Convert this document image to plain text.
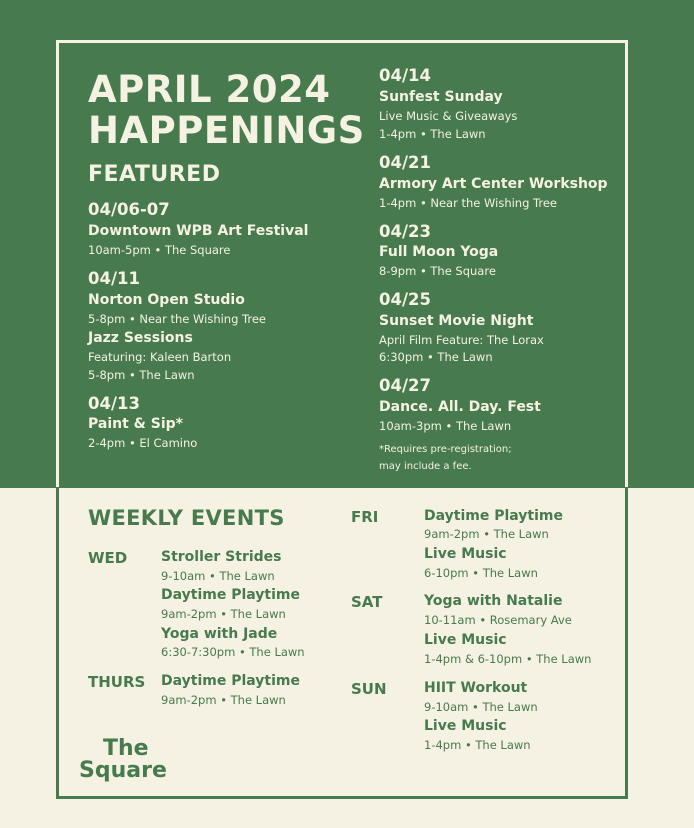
APRIL 2024
HAPPENINGS
FEATURED
04/06-07
Downtown WPB Art Festival
10am-5pm • The Square
04/11
Norton Open Studio
5-8pm • Near the Wishing Tree
Jazz Sessions
Featuring: Kaleen Barton
5-8pm • The Lawn
04/13
Paint & Sip*
2-4pm • El Camino
04/14
Sunfest Sunday
Live Music & Giveaways
1-4pm • The Lawn
04/21
Armory Art Center Workshop
1-4pm • Near the Wishing Tree
04/23
Full Moon Yoga
8-9pm • The Square
04/25
Sunset Movie Night
April Film Feature: The Lorax
6:30pm • The Lawn
04/27
Dance. All. Day. Fest
10am-3pm • The Lawn
*Requires pre-registration;
may include a fee.
WEEKLY EVENTS
WED Stroller Strides
9-10am • The Lawn
Daytime Playtime
9am-2pm • The Lawn
Yoga with Jade
6:30-7:30pm • The Lawn
THURS Daytime Playtime
9am-2pm • The Lawn
FRI	Daytime Playtime
9am-2pm • The Lawn
Live Music
6-10pm • The Lawn
SAT	Yoga with Natalie
10-11am • Rosemary Ave
Live Music
1-4pm & 6-10pm • The Lawn
SUN	HIIT Workout
9-10am • The Lawn
Live Music
1-4pm • The Lawn
The
Square
